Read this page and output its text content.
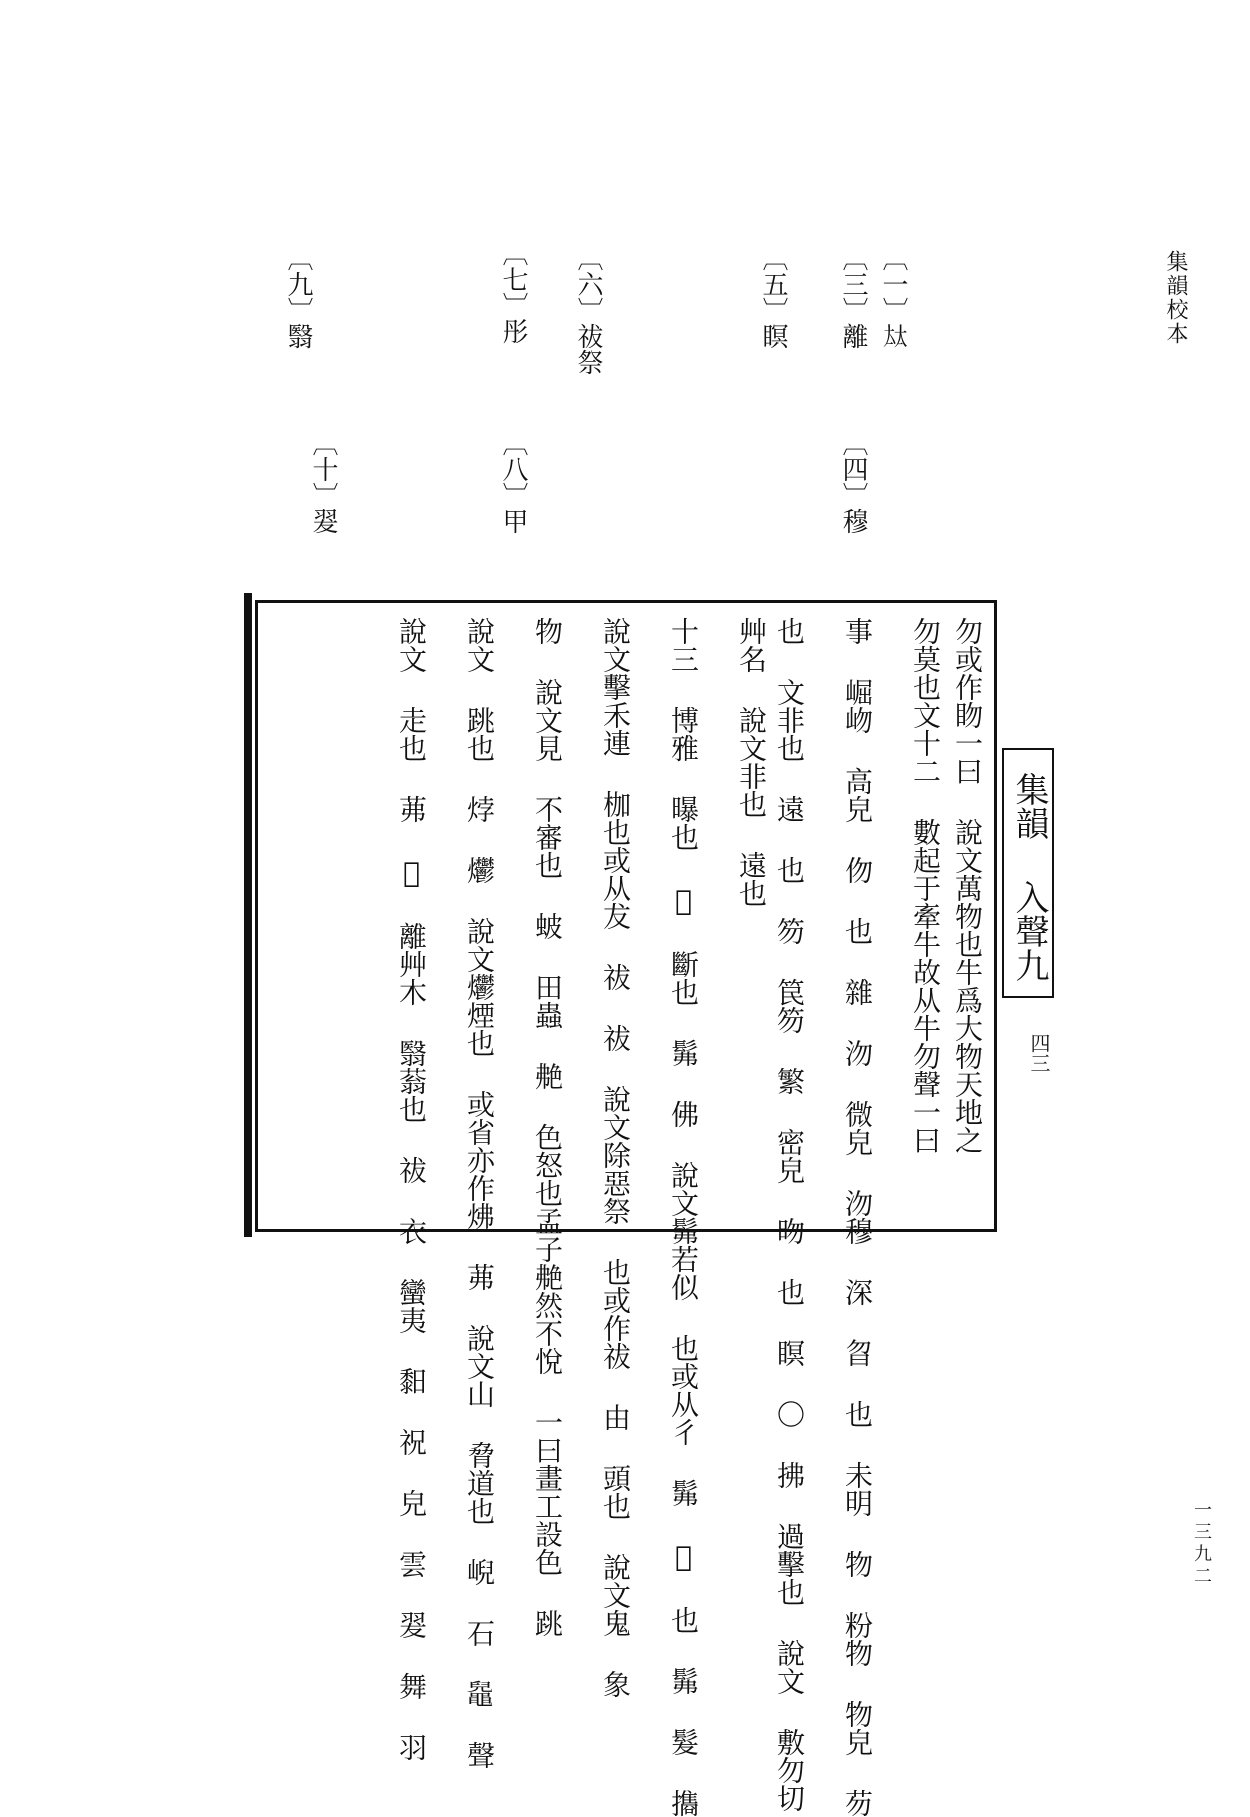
集韻校本
一三九二
〔一〕𡘋
〔三〕離
〔四〕穆
〔五〕瞑
〔六〕祓祭
〔七〕彤
〔八〕甲
〔九〕翳
〔十〕翇
集韻 入聲九
四三
勿或作䀛一曰 說文萬物也牛爲大物天地之
勿莫也文十二 數起于牽牛故从牛勿聲一曰
事 崛岉 高皃 伆 也 雜 沕 微皃 沕穆 深 㫚 也 未明 物 粉物 物皃 芴
也 文非也 遠 也 笏 笢笏 繁 密皃 昒 也 瞑 〇 拂 過擊也 說文 敷勿切
艸名 說文非也 遠也
十三 博雅 曝也 𠜂 斷也 髴 佛 說文髴若似 也或从彳 髴 𩬾 也 髴 髮 㩦
說文擊禾連 枷也或从犮 祓 祓 說文除惡祭 也或作祓 由 頭也 說文鬼 象
物 說文見 不審也 蚾 田蟲 艴 色怒也孟子艴然不悅 一曰畫工設色 跳
說文 跳也 㶿 爩 說文爩煙也 或省亦作炥 茀 說文山 脅道也 𡸣 石 𪓬 聲
說文 走也 茀 𦭞 離艸木 翳蓊也 祓 衣 蠻夷 䵒 祝 皃 雲 翇 舞 羽
